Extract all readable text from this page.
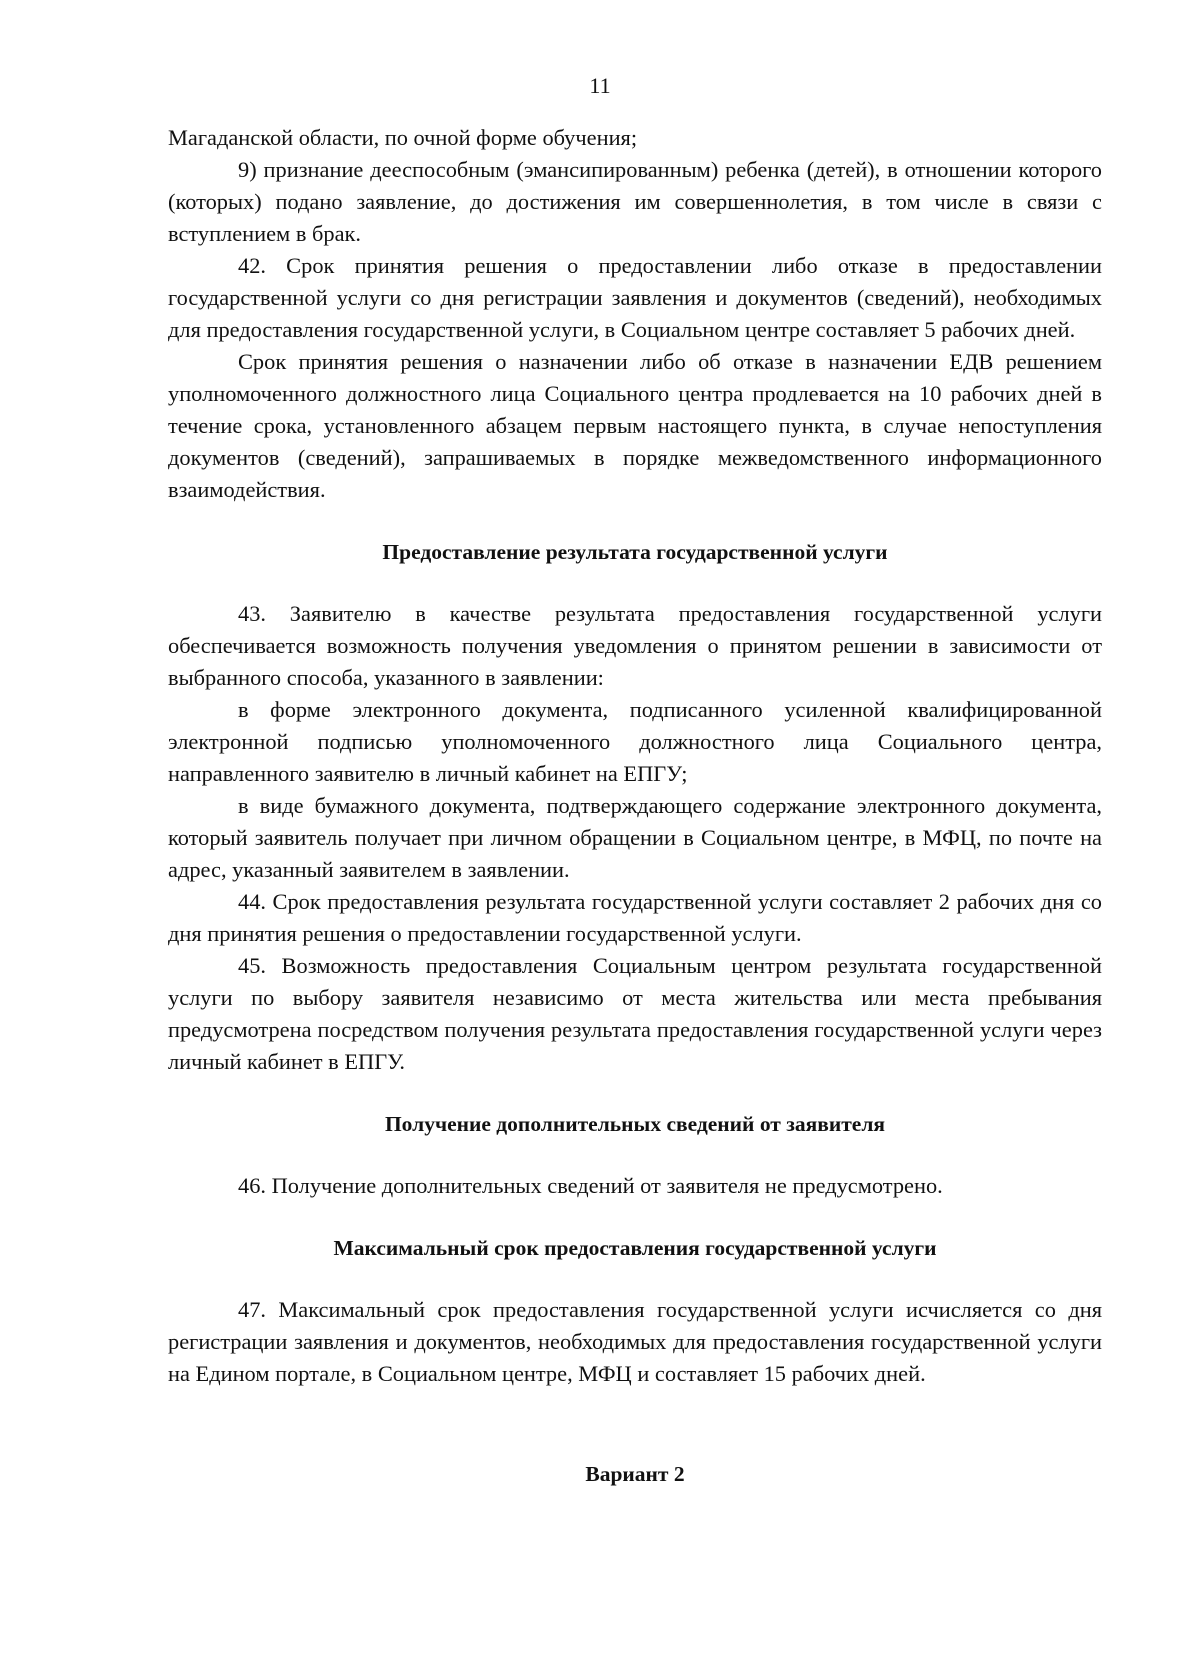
11

Магаданской области, по очной форме обучения;

9) признание дееспособным (эмансипированным) ребенка (детей), в отношении которого (которых) подано заявление, до достижения им совершеннолетия, в том числе в связи с вступлением в брак.

42. Срок принятия решения о предоставлении либо отказе в предоставлении государственной услуги со дня регистрации заявления и документов (сведений), необходимых для предоставления государственной услуги, в Социальном центре составляет 5 рабочих дней.

Срок принятия решения о назначении либо об отказе в назначении ЕДВ решением уполномоченного должностного лица Социального центра продлевается на 10 рабочих дней в течение срока, установленного абзацем первым настоящего пункта, в случае непоступления документов (сведений), запрашиваемых в порядке межведомственного информационного взаимодействия.

Предоставление результата государственной услуги

43. Заявителю в качестве результата предоставления государственной услуги обеспечивается возможность получения уведомления о принятом решении в зависимости от выбранного способа, указанного в заявлении:

в форме электронного документа, подписанного усиленной квалифицированной электронной подписью уполномоченного должностного лица Социального центра, направленного заявителю в личный кабинет на ЕПГУ;

в виде бумажного документа, подтверждающего содержание электронного документа, который заявитель получает при личном обращении в Социальном центре, в МФЦ, по почте на адрес, указанный заявителем в заявлении.

44. Срок предоставления результата государственной услуги составляет 2 рабочих дня со дня принятия решения о предоставлении государственной услуги.

45. Возможность предоставления Социальным центром результата государственной услуги по выбору заявителя независимо от места жительства или места пребывания предусмотрена посредством получения результата предоставления государственной услуги через личный кабинет в ЕПГУ.

Получение дополнительных сведений от заявителя

46. Получение дополнительных сведений от заявителя не предусмотрено.

Максимальный срок предоставления государственной услуги

47. Максимальный срок предоставления государственной услуги исчисляется со дня регистрации заявления и документов, необходимых для предоставления государственной услуги на Едином портале, в Социальном центре, МФЦ и составляет 15 рабочих дней.

Вариант 2
